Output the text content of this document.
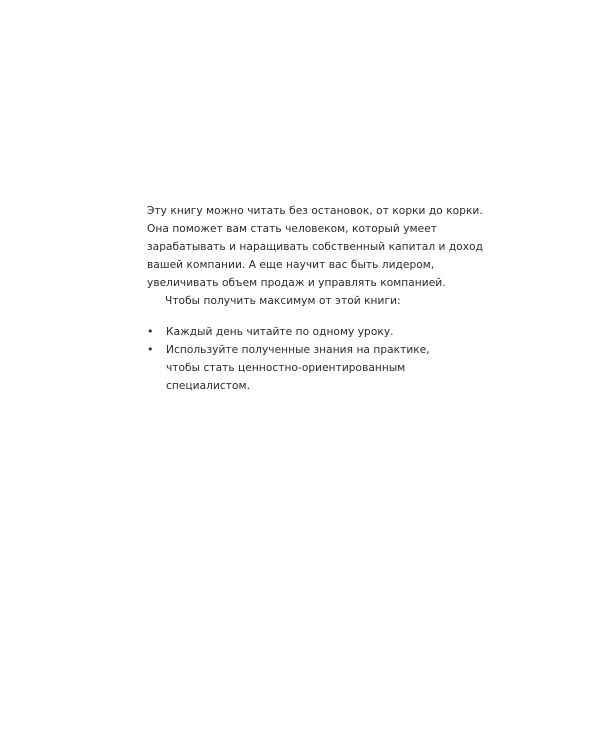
Эту книгу можно читать без остановок, от корки до корки.
Она поможет вам стать человеком, который умеет
зарабатывать и наращивать собственный капитал и доход
вашей компании. А еще научит вас быть лидером,
увеличивать объем продаж и управлять компанией.
Чтобы получить максимум от этой книги:
•	Каждый день читайте по одному уроку.
•	Используйте полученные знания на практике,
чтобы стать ценностно-ориентированным
специалистом.
